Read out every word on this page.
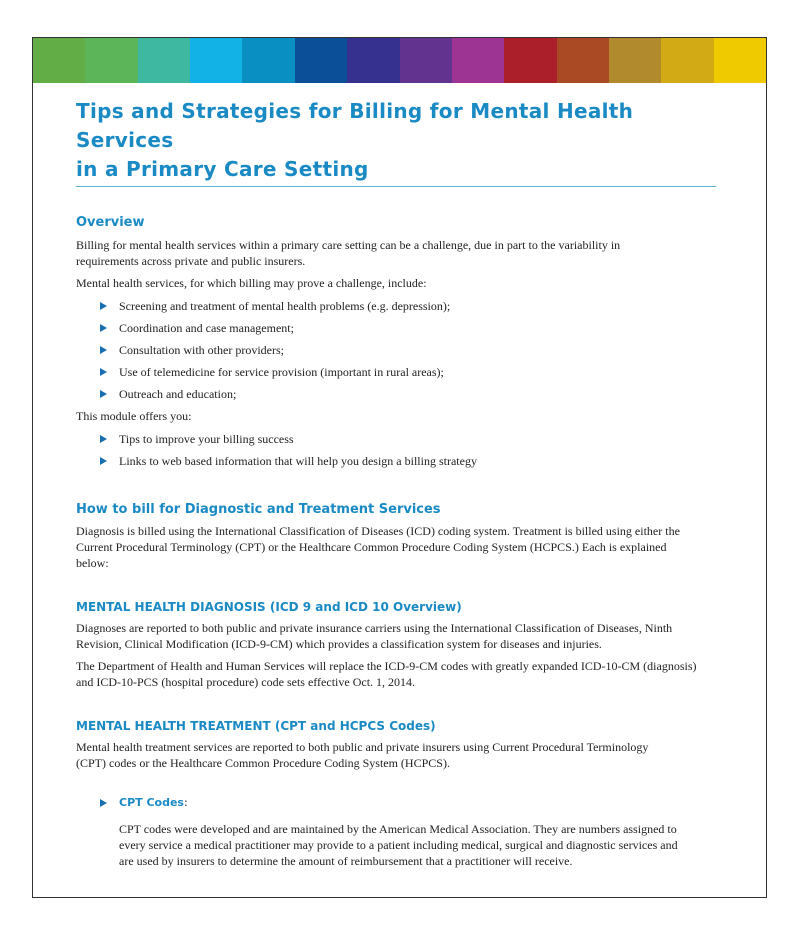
Tips and Strategies for Billing for Mental Health Services
in a Primary Care Setting
Overview

Billing for mental health services within a primary care setting can be a challenge, due in part to the variability in requirements across private and public insurers.

Mental health services, for which billing may prove a challenge, include:

Screening and treatment of mental health problems (e.g. depression);
Coordination and case management;
Consultation with other providers;
Use of telemedicine for service provision (important in rural areas);
Outreach and education;

This module offers you:

Tips to improve your billing success
Links to web based information that will help you design a billing strategy
How to bill for Diagnostic and Treatment Services

Diagnosis is billed using the International Classification of Diseases (ICD) coding system. Treatment is billed using either the Current Procedural Terminology (CPT) or the Healthcare Common Procedure Coding System (HCPCS.) Each is explained below:

MENTAL HEALTH DIAGNOSIS (ICD 9 and ICD 10 Overview)

Diagnoses are reported to both public and private insurance carriers using the International Classification of Diseases, Ninth Revision, Clinical Modification (ICD-9-CM) which provides a classification system for diseases and injuries.

The Department of Health and Human Services will replace the ICD-9-CM codes with greatly expanded ICD-10-CM (diagnosis) and ICD-10-PCS (hospital procedure) code sets effective Oct. 1, 2014.

MENTAL HEALTH TREATMENT (CPT and HCPCS Codes)

Mental health treatment services are reported to both public and private insurers using Current Procedural Terminology (CPT) codes or the Healthcare Common Procedure Coding System (HCPCS).

CPT Codes:

CPT codes were developed and are maintained by the American Medical Association. They are numbers assigned to every service a medical practitioner may provide to a patient including medical, surgical and diagnostic services and are used by insurers to determine the amount of reimbursement that a practitioner will receive.
